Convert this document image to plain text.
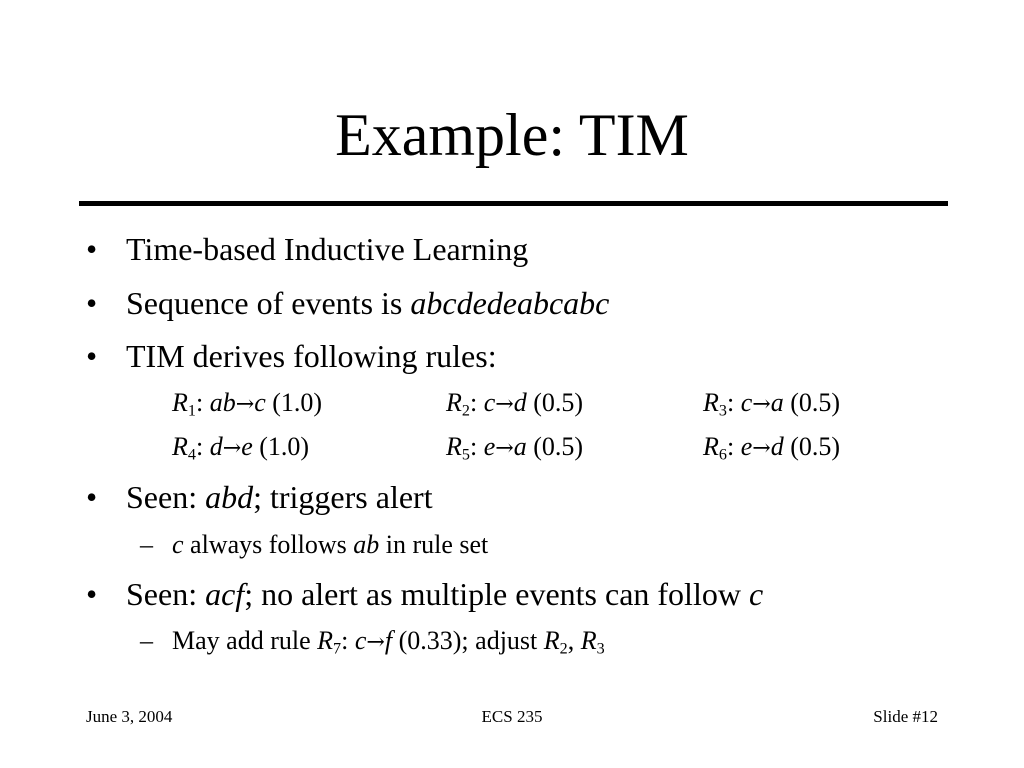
Example: TIM
• Time-based Inductive Learning
• Sequence of events is abcdedeabcabc
• TIM derives following rules:
$R_1$: ab→c (1.0)	$R_2$: c→d (0.5)	$R_3$: c→a (0.5)
$R_4$: d→e (1.0)	$R_5$: e→a (0.5)	$R_6$: e→d (0.5)
• Seen: abd; triggers alert
– c always follows ab in rule set
• Seen: acf; no alert as multiple events can follow c
– May add rule $R_7$: c→f (0.33); adjust $R_2$, $R_3$
June 3, 2004	ECS 235	Slide #12
